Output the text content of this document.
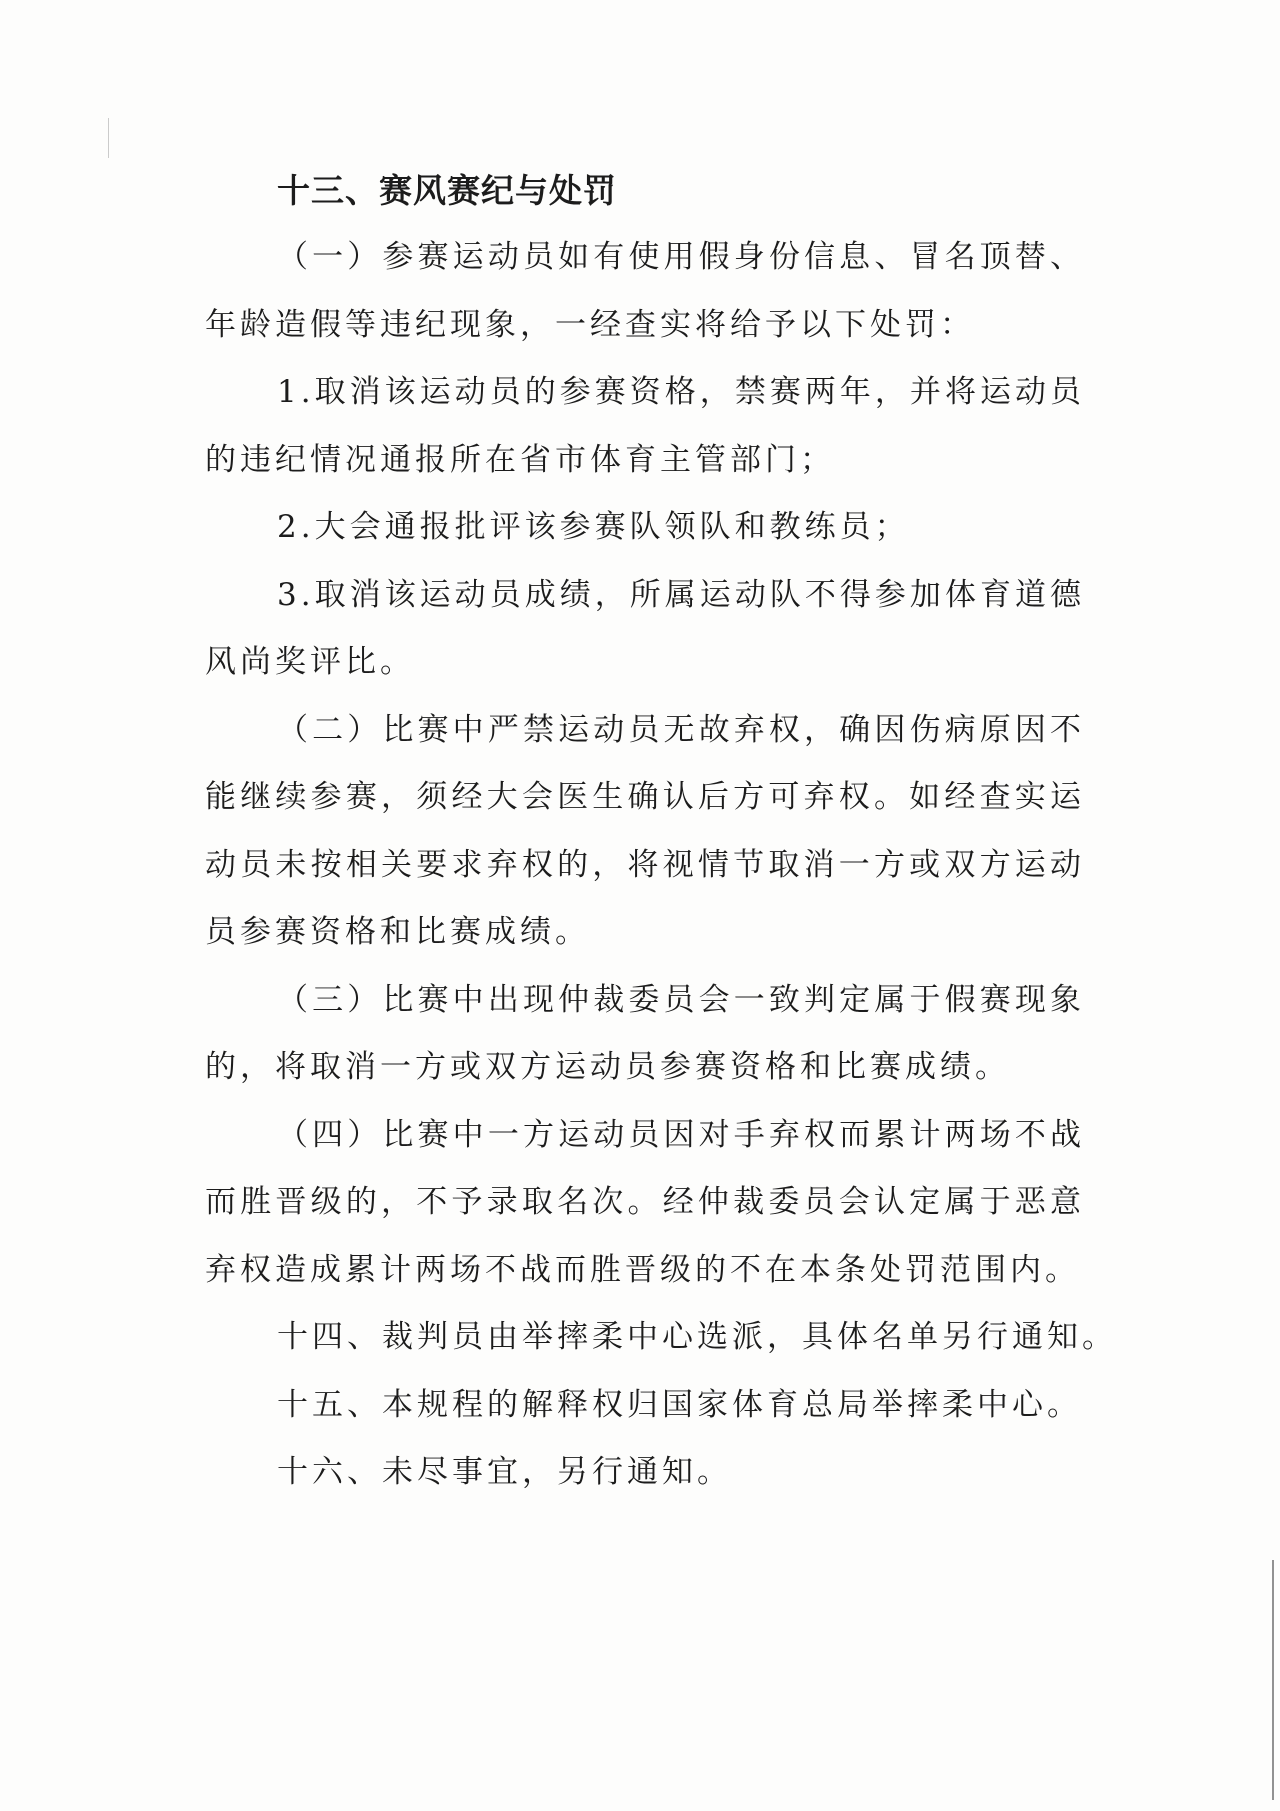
十三、赛风赛纪与处罚

（一）参赛运动员如有使用假身份信息、冒名顶替、年龄造假等违纪现象，一经查实将给予以下处罚：

1.取消该运动员的参赛资格，禁赛两年，并将运动员的违纪情况通报所在省市体育主管部门；

2.大会通报批评该参赛队领队和教练员；

3.取消该运动员成绩，所属运动队不得参加体育道德风尚奖评比。

（二）比赛中严禁运动员无故弃权，确因伤病原因不能继续参赛，须经大会医生确认后方可弃权。如经查实运动员未按相关要求弃权的，将视情节取消一方或双方运动员参赛资格和比赛成绩。

（三）比赛中出现仲裁委员会一致判定属于假赛现象的，将取消一方或双方运动员参赛资格和比赛成绩。

（四）比赛中一方运动员因对手弃权而累计两场不战而胜晋级的，不予录取名次。经仲裁委员会认定属于恶意弃权造成累计两场不战而胜晋级的不在本条处罚范围内。

十四、裁判员由举摔柔中心选派，具体名单另行通知。

十五、本规程的解释权归国家体育总局举摔柔中心。

十六、未尽事宜，另行通知。
